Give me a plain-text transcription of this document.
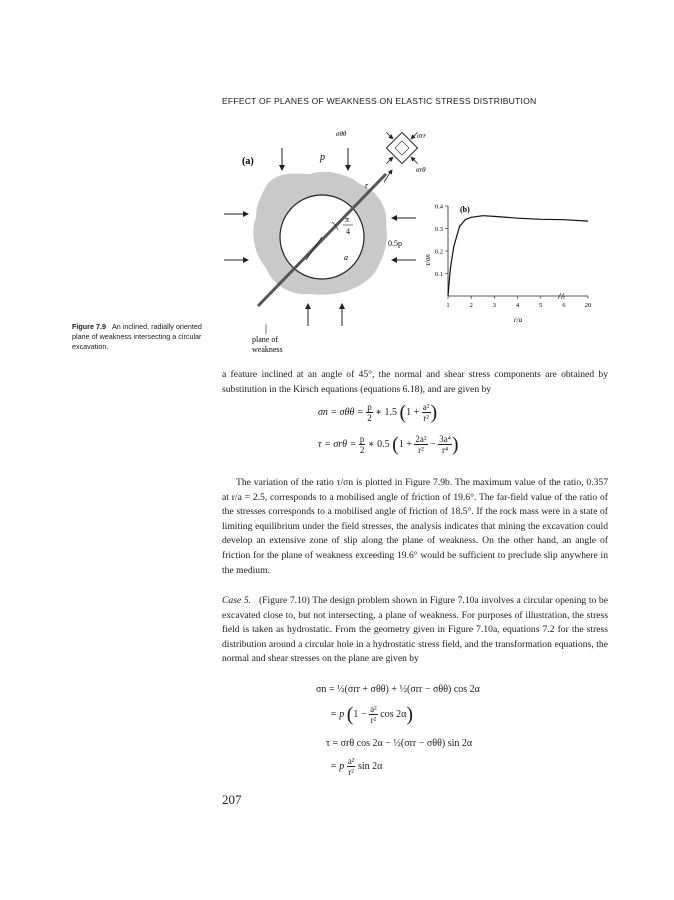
EFFECT OF PLANES OF WEAKNESS ON ELASTIC STRESS DISTRIBUTION
(a)	p
σθθ	σrr
σrθ
r
a
π
4
0.5p
plane of
weakness
(b)
τ/σn
r/a
0.1
0.2
0.3
0.4
1	2	3	4	5	6	20
Figure 7.9 An inclined, radially oriented plane of weakness intersecting a circular excavation.
a feature inclined at an angle of 45°, the normal and shear stress components are obtained by substitution in the Kirsch equations (equations 6.18), and are given by
$\sigma n = \sigma\theta\theta = \frac{p}{2}$ ∗ 1.5 ($1 + \frac{\text{a²}}{\text{r²}}$ )
$\tau = \sigma r\theta = \frac{p}{2}$ ∗ 0.5 ($1 + \frac{\text{2a²}}{\text{r²}} - \frac{\text{3a⁴}}{\text{r⁴}}$ )
The variation of the ratio τ/σn is plotted in Figure 7.9b. The maximum value of the ratio, 0.357 at r/a = 2.5, corresponds to a mobilised angle of friction of 19.6°. The far-field value of the ratio of the stresses corresponds to a mobilised angle of friction of 18.5°. If the rock mass were in a state of limiting equilibrium under the field stresses, the analysis indicates that mining the excavation could develop an extensive zone of slip along the plane of weakness. On the other hand, an angle of friction for the plane of weakness exceeding 19.6° would be sufficient to preclude slip anywhere in the medium.
Case 5. (Figure 7.10) The design problem shown in Figure 7.10a involves a circular opening to be excavated close to, but not intersecting, a plane of weakness. For purposes of illustration, the stress field is taken as hydrostatic. From the geometry given in Figure 7.10a, equations 7.2 for the stress distribution around a circular hole in a hydrostatic stress field, and the transformation equations, the normal and shear stresses on the plane are given by
σn = ½(σrr + σθθ) + ½(σrr − σθθ) cos 2α
= p ($1 - \frac{\text{a²}}{\text{r²}}$ cos 2α)
τ = σrθ cos 2α − ½(σrr − σθθ) sin 2α
= p $\frac{\text{a²}}{\text{r²}}$ sin 2α
207
